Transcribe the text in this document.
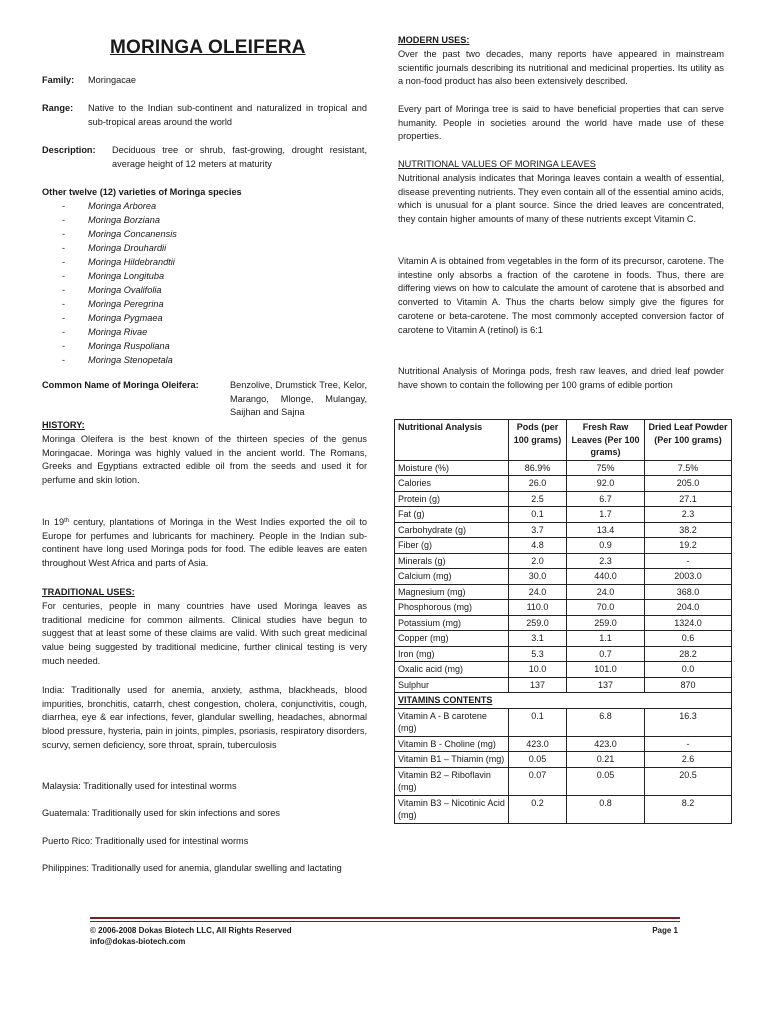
MORINGA OLEIFERA
Family: Moringacae
Range: Native to the Indian sub-continent and naturalized in tropical and sub-tropical areas around the world
Description: Deciduous tree or shrub, fast-growing, drought resistant, average height of 12 meters at maturity
Other twelve (12) varieties of Moringa species
- Moringa Arborea
- Moringa Borziana
- Moringa Concanensis
- Moringa Drouhardii
- Moringa Hildebrandtii
- Moringa Longituba
- Moringa Ovalifolia
- Moringa Peregrina
- Moringa Pygmaea
- Moringa Rivae
- Moringa Ruspoliana
- Moringa Stenopetala
Common Name of Moringa Oleifera:	Benzolive, Drumstick Tree, Kelor, Marango, Mlonge, Mulangay, Saijhan and Sajna
HISTORY:

Moringa Oleifera is the best known of the thirteen species of the genus Moringacae. Moringa was highly valued in the ancient world. The Romans, Greeks and Egyptians extracted edible oil from the seeds and used it for perfume and skin lotion.

In 19th century, plantations of Moringa in the West Indies exported the oil to Europe for perfumes and lubricants for machinery. People in the Indian sub-continent have long used Moringa pods for food. The edible leaves are eaten throughout West Africa and parts of Asia.

TRADITIONAL USES:

For centuries, people in many countries have used Moringa leaves as traditional medicine for common ailments. Clinical studies have begun to suggest that at least some of these claims are valid. With such great medicinal value being suggested by traditional medicine, further clinical testing is very much needed.

India: Traditionally used for anemia, anxiety, asthma, blackheads, blood impurities, bronchitis, catarrh, chest congestion, cholera, conjunctivitis, cough, diarrhea, eye & ear infections, fever, glandular swelling, headaches, abnormal blood pressure, hysteria, pain in joints, pimples, psoriasis, respiratory disorders, scurvy, semen deficiency, sore throat, sprain, tuberculosis

Malaysia: Traditionally used for intestinal worms

Guatemala: Traditionally used for skin infections and sores

Puerto Rico: Traditionally used for intestinal worms

Philippines: Traditionally used for anemia, glandular swelling and lactating

MODERN USES:

Over the past two decades, many reports have appeared in mainstream scientific journals describing its nutritional and medicinal properties. Its utility as a non-food product has also been extensively described.

Every part of Moringa tree is said to have beneficial properties that can serve humanity. People in societies around the world have made use of these properties.

NUTRITIONAL VALUES OF MORINGA LEAVES

Nutritional analysis indicates that Moringa leaves contain a wealth of essential, disease preventing nutrients. They even contain all of the essential amino acids, which is unusual for a plant source. Since the dried leaves are concentrated, they contain higher amounts of many of these nutrients except Vitamin C.

Vitamin A is obtained from vegetables in the form of its precursor, carotene. The intestine only absorbs a fraction of the carotene in foods. Thus, there are differing views on how to calculate the amount of carotene that is absorbed and converted to Vitamin A. Thus the charts below simply give the figures for carotene or beta-carotene. The most commonly accepted conversion factor of carotene to Vitamin A (retinol) is 6:1

Nutritional Analysis of Moringa pods, fresh raw leaves, and dried leaf powder have shown to contain the following per 100 grams of edible portion

Nutritional Analysis	Pods (per 100 grams)	Fresh Raw Leaves (Per 100 grams)	Dried Leaf Powder (Per 100 grams)
Moisture (%)	86.9%	75%	7.5%
Calories	26.0	92.0	205.0
Protein (g)	2.5	6.7	27.1
Fat (g)	0.1	1.7	2.3
Carbohydrate (g)	3.7	13.4	38.2
Fiber (g)	4.8	0.9	19.2
Minerals (g)	2.0	2.3	-
Calcium (mg)	30.0	440.0	2003.0
Magnesium (mg)	24.0	24.0	368.0
Phosphorous (mg)	110.0	70.0	204.0
Potassium (mg)	259.0	259.0	1324.0
Copper (mg)	3.1	1.1	0.6
Iron (mg)	5.3	0.7	28.2
Oxalic acid (mg)	10.0	101.0	0.0
Sulphur	137	137	870
VITAMINS CONTENTS			
Vitamin A - B carotene (mg)	0.1	6.8	16.3
Vitamin B - Choline (mg)	423.0	423.0	-
Vitamin B1 – Thiamin (mg)	0.05	0.21	2.6
Vitamin B2 – Riboflavin (mg)	0.07	0.05	20.5
Vitamin B3 – Nicotinic Acid (mg)	0.2	0.8	8.2
© 2006-2008 Dokas Biotech LLC, All Rights Reserved
info@dokas-biotech.com
Page 1
